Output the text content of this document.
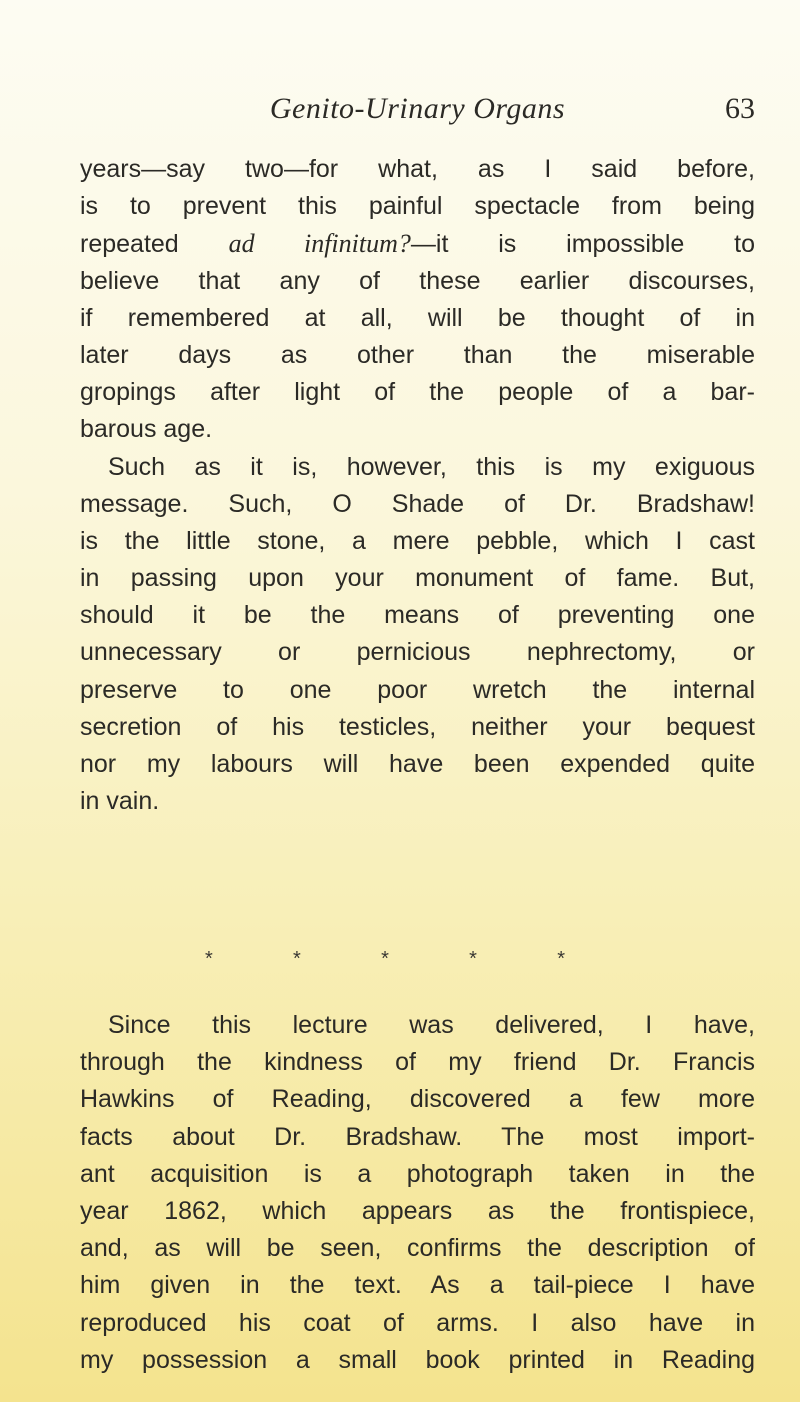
Genito-Urinary Organs	63
years—say two—for what, as I said before,
is to prevent this painful spectacle from being
repeated ad infinitum?—it is impossible to
believe that any of these earlier discourses,
if remembered at all, will be thought of in
later days as other than the miserable
gropings after light of the people of a bar-
barous age.
Such as it is, however, this is my exiguous
message. Such, O Shade of Dr. Bradshaw!
is the little stone, a mere pebble, which I cast
in passing upon your monument of fame. But,
should it be the means of preventing one
unnecessary or pernicious nephrectomy, or
preserve to one poor wretch the internal
secretion of his testicles, neither your bequest
nor my labours will have been expended quite
in vain.
*	*	*	*	*
Since this lecture was delivered, I have,
through the kindness of my friend Dr. Francis
Hawkins of Reading, discovered a few more
facts about Dr. Bradshaw. The most import-
ant acquisition is a photograph taken in the
year 1862, which appears as the frontispiece,
and, as will be seen, confirms the description of
him given in the text. As a tail-piece I have
reproduced his coat of arms. I also have in
my possession a small book printed in Reading
